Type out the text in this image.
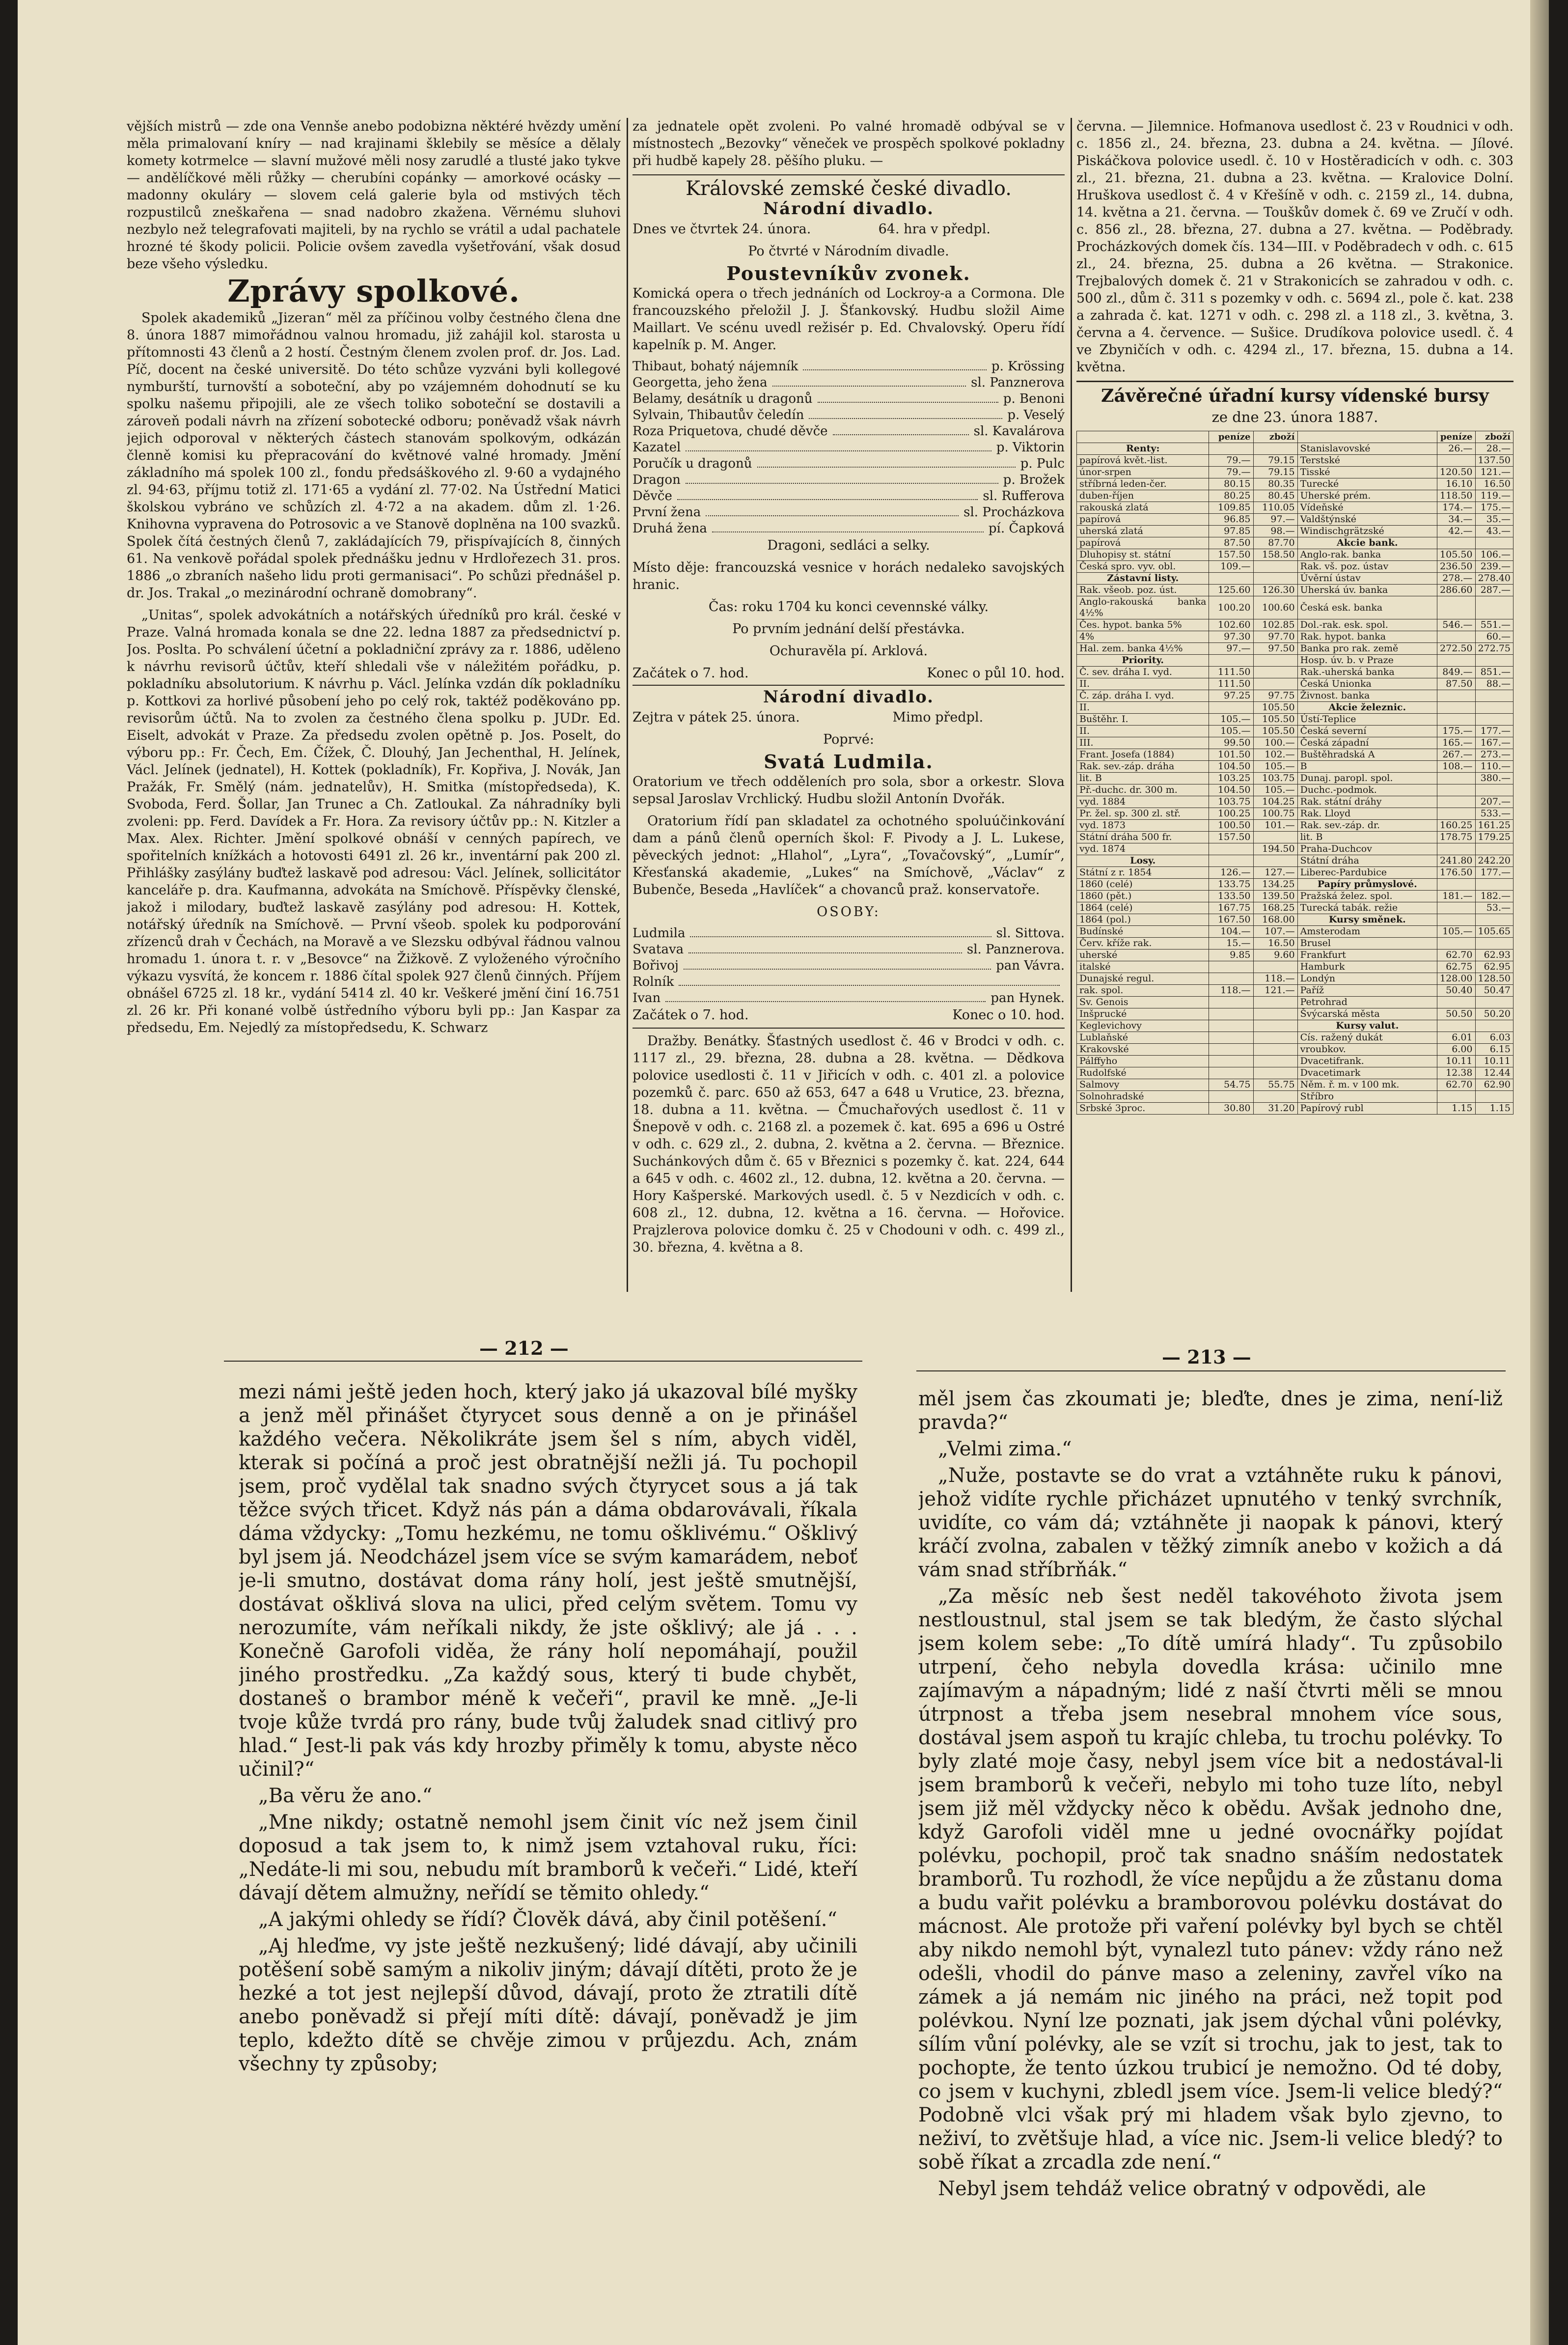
vějších mistrů — zde ona Vennše anebo podobizna něktéré hvězdy umění měla primalovaní kníry — nad krajinami šklebily se měsíce a dělaly komety kotrmelce — slavní mužové měli nosy zarudlé a tlusté jako tykve — andělíčkové měli růžky — cherubíni copánky — amorkové ocásky — madonny okuláry — slovem celá galerie byla od mstivých těch rozpustilců zneškařena — snad nadobro zkažena. Věrnému sluhovi nezbylo než telegrafovati majiteli, by na rychlo se vrátil a udal pachatele hrozné té škody policii. Policie ovšem zavedla vyšetřování, však dosud beze všeho výsledku.

Zprávy spolkové.

Spolek akademiků „Jizeran“ měl za příčinou volby čestného člena dne 8. února 1887 mimořádnou valnou hromadu, již zahájil kol. starosta u přítomnosti 43 členů a 2 hostí. Čestným členem zvolen prof. dr. Jos. Lad. Píč, docent na české universitě. Do této schůze vyzváni byli kollegové nymburští, turnovští a soboteční, aby po vzájemném dohodnutí se ku spolku našemu připojili, ale ze všech toliko soboteční se dostavili a zároveň podali návrh na zřízení sobotecké odboru; poněvadž však návrh jejich odporoval v některých částech stanovám spolkovým, odkázán členně komisi ku přepracování do květnové valné hromady. Jmění základního má spolek 100 zl., fondu předsáškového zl. 9·60 a vydajného zl. 94·63, příjmu totiž zl. 171·65 a vydání zl. 77·02. Na Ústřední Matici školskou vybráno ve schůzích zl. 4·72 a na akadem. dům zl. 1·26. Knihovna vypravena do Potrosovic a ve Stanově doplněna na 100 svazků. Spolek čítá čestných členů 7, zakládajících 79, přispívajících 8, činných 61. Na venkově pořádal spolek přednášku jednu v Hrdlořezech 31. pros. 1886 „o zbraních našeho lidu proti germanisaci“. Po schůzi přednášel p. dr. Jos. Trakal „o mezinárodní ochraně domobrany“.

„Unitas“, spolek advokátních a notářských úředníků pro král. české v Praze. Valná hromada konala se dne 22. ledna 1887 za předsednictví p. Jos. Posltа. Po schválení účetní a pokladniční zprávy za r. 1886, uděleno k návrhu revisorů účtův, kteří shledali vše v náležitém pořádku, p. pokladníku absolutorium. K návrhu p. Václ. Jelínka vzdán dík pokladníku p. Kottkovi za horlivé působení jeho po celý rok, taktéž poděkováno pp. revisorům účtů. Na to zvolen za čestného člena spolku p. JUDr. Ed. Eiselt, advokát v Praze. Za předsedu zvolen opětně p. Jos. Poselt, do výboru pp.: Fr. Čech, Em. Čížek, Č. Dlouhý, Jan Jechenthal, H. Jelínek, Václ. Jelínek (jednatel), H. Kottek (pokladník), Fr. Kopřiva, J. Novák, Jan Pražák, Fr. Smělý (nám. jednatelův), H. Smitka (místopředseda), K. Svoboda, Ferd. Šollar, Jan Trunec a Ch. Zatloukal. Za náhradníky byli zvoleni: pp. Ferd. Davídek a Fr. Hora. Za revisory účtův pp.: N. Kitzler a Max. Alex. Richter. Jmění spolkové obnáší v cenných papírech, ve spořitelních knížkách a hotovosti 6491 zl. 26 kr., inventární pak 200 zl. Přihlášky zasýlány buďtež laskavě pod adresou: Václ. Jelínek, sollicitátor kanceláře p. dra. Kaufmanna, advokáta na Smíchově. Příspěvky členské, jakož i milodary, buďtež laskavě zasýlány pod adresou: H. Kottek, notářský úředník na Smíchově. — První všeob. spolek ku podporování zřízenců drah v Čechách, na Moravě a ve Slezsku odbýval řádnou valnou hromadu 1. února t. r. v „Besovce“ na Žižkově. Z vyloženého výročního výkazu vysvítá, že koncem r. 1886 čítal spolek 927 členů činných. Příjem obnášel 6725 zl. 18 kr., vydání 5414 zl. 40 kr. Veškeré jmění činí 16.751 zl. 26 kr. Při konané volbě ústředního výboru byli pp.: Jan Kaspar za předsedu, Em. Nejedlý za místopředsedu, K. Schwarz

za jednatele opět zvoleni. Po valné hromadě odbýval se v místnostech „Bezovky“ věneček ve prospěch spolkové pokladny při hudbě kapely 28. pěšího pluku. —

Královské zemské české divadlo.
Národní divadlo.

Dnes ve čtvrtek 24. února.                64. hra v předpl.

Po čtvrté v Národním divadle.

Poustevníkův zvonek.

Komická opera o třech jednáních od Lockroy-a a Cormona. Dle francouzského přeložil J. J. Šťankovský. Hudbu složil Aime Maillart. Ve scénu uvedl režisér p. Ed. Chvalovský. Operu řídí kapelník p. M. Anger.

Thibaut, bohatý nájemník	p. Krössing
Georgetta, jeho žena	sl. Panznerova
Belamy, desátník u dragonů	p. Benoni
Sylvain, Thibautův čeledín	p. Veselý
Roza Priquetova, chudé děvče	sl. Kavalárova
Kazatel	p. Viktorin
Poručík u dragonů	p. Pulc
Dragon	p. Brožek
Děvče	sl. Rufferova
První žena	sl. Procházkova
Druhá žena	pí. Čapková

Dragoni, sedláci a selky.

Místo děje: francouzská vesnice v horách nedaleko savojských hranic.

Čas: roku 1704 ku konci cevennské války.

Po prvním jednání delší přestávka.

Ochuravěla pí. Arklová.

Začátek o 7. hod.	Konec o půl 10. hod.
Národní divadlo.

Zejtra v pátek 25. února.                      Mimo předpl.

Poprvé:

Svatá Ludmila.

Oratorium ve třech odděleních pro sola, sbor a orkestr. Slova sepsal Jaroslav Vrchlický. Hudbu složil Antonín Dvořák.

Oratorium řídí pan skladatel za ochotného spoluúčinkování dam a pánů členů operních škol: F. Pivody a J. L. Lukese, pěveckých jednot: „Hlahol“, „Lyra“, „Tovačovský“, „Lumír“, Křesťanská akademie, „Lukes“ na Smíchově, „Václav“ z Bubenče, Beseda „Havlíček“ a chovanců praž. konservatoře.

OSOBY:

Ludmila	sl. Sittova.
Svatava	sl. Panznerova.
Bořivoj	pan Vávra.
Rolník
Ivan	pan Hynek.
Začátek o 7. hod.	Konec o 10. hod.

Dražby. Benátky. Šťastných usedlost č. 46 v Brodci v odh. c. 1117 zl., 29. března, 28. dubna a 28. května. — Dědkova polovice usedlosti č. 11 v Jiřicích v odh. c. 401 zl. a polovice pozemků č. parc. 650 až 653, 647 a 648 u Vrutice, 23. března, 18. dubna a 11. května. — Čmuchařových usedlost č. 11 v Šnepově v odh. c. 2168 zl. a pozemek č. kat. 695 a 696 u Ostré v odh. c. 629 zl., 2. dubna, 2. května a 2. června. — Březnice. Suchánkových dům č. 65 v Březnici s pozemky č. kat. 224, 644 a 645 v odh. c. 4602 zl., 12. dubna, 12. května a 20. června. — Hory Kašperské. Markových usedl. č. 5 v Nezdicích v odh. c. 608 zl., 12. dubna, 12. května a 16. června. — Hořovice. Prajzlerova polovice domku č. 25 v Chodouni v odh. c. 499 zl., 30. března, 4. května a 8.

června. — Jilemnice. Hofmanova usedlost č. 23 v Roudnici v odh. c. 1856 zl., 24. března, 23. dubna a 24. května. — Jílové. Piskáčkova polovice usedl. č. 10 v Hostěradicích v odh. c. 303 zl., 21. března, 21. dubna a 23. května. — Kralovice Dolní. Hruškova usedlost č. 4 v Křešíně v odh. c. 2159 zl., 14. dubna, 14. května a 21. června. — Touškův domek č. 69 ve Zručí v odh. c. 856 zl., 28. března, 27. dubna a 27. května. — Poděbrady. Procházkových domek čís. 134—III. v Poděbradech v odh. c. 615 zl., 24. března, 25. dubna a 26 května. — Strakonice. Trejbalových domek č. 21 v Strakonicích se zahradou v odh. c. 500 zl., dům č. 311 s pozemky v odh. c. 5694 zl., pole č. kat. 238 a zahrada č. kat. 1271 v odh. c. 298 zl. a 118 zl., 3. května, 3. června a 4. července. — Sušice. Drudíkova polovice usedl. č. 4 ve Zbyničích v odh. c. 4294 zl., 17. března, 15. dubna a 14. května.

Závěrečné úřadní kursy vídenské bursy
ze dne 23. února 1887.
	peníze	zboží		peníze	zboží
Renty:			Stanislavovské	26.—	28.—
papírová květ.-list.	79.—	79.15	Terstské		137.50
únor-srpen	79.—	79.15	Tisské	120.50	121.—
stříbrná leden-čer.	80.15	80.35	Turecké	16.10	16.50
duben-říjen	80.25	80.45	Uherské prém.	118.50	119.—
rakouská zlatá	109.85	110.05	Vídeňské	174.—	175.—
papírová	96.85	97.—	Valdštýnské	34.—	35.—
uherská zlatá	97.85	98.—	Windischgrätzské	42.—	43.—
papírová	87.50	87.70	Akcie bank.		
Dluhopisy st. státní	157.50	158.50	Anglo-rak. banka	105.50	106.—
Česká spro. vyv. obl.	109.—		Rak. vš. poz. ústav	236.50	239.—
Zástavní listy.			Úvěrní ústav	278.—	278.40
Rak. všeob. poz. úst.	125.60	126.30	Uherská úv. banka	286.60	287.—
Anglo-rakouská banka 4½%	100.20	100.60	Česká esk. banka		
Čes. hypot. banka 5%	102.60	102.85	Dol.-rak. esk. spol.	546.—	551.—
4%	97.30	97.70	Rak. hypot. banka		60.—
Hal. zem. banka 4½%	97.—	97.50	Banka pro rak. země	272.50	272.75
Priority.			Hosp. úv. b. v Praze		
Č. sev. dráha I. vyd.	111.50		Rak.-uherská banka	849.—	851.—
II.	111.50		Česká Unionka	87.50	88.—
Č. záp. dráha I. vyd.	97.25	97.75	Živnost. banka		
II.		105.50	Akcie železnic.		
Buštěhr. I.	105.—	105.50	Ústí-Teplice		
II.	105.—	105.50	Česká severní	175.—	177.—
III.	99.50	100.—	Česká západní	165.—	167.—
Frant. Josefa (1884)	101.50	102.—	Buštěhradská A	267.—	273.—
Rak. sev.-záp. dráha	104.50	105.—	B	108.—	110.—
lit. B	103.25	103.75	Dunaj. paropl. spol.		380.—
Př.-duchc. dr. 300 m.	104.50	105.—	Duchc.-podmok.		
vyd. 1884	103.75	104.25	Rak. státní dráhy		207.—
Pr. žel. sp. 300 zl. stř.	100.25	100.75	Rak. Lloyd		533.—
vyd. 1873	100.50	101.—	Rak. sev.-záp. dr.	160.25	161.25
Státní dráha 500 fr.	157.50		lit. B	178.75	179.25
vyd. 1874		194.50	Praha-Duchcov		
Losy.			Státní dráha	241.80	242.20
Státní z r. 1854	126.—	127.—	Liberec-Pardubice	176.50	177.—
1860 (celé)	133.75	134.25	Papíry průmyslové.		
1860 (pět.)	133.50	139.50	Pražská želez. spol.	181.—	182.—
1864 (celé)	167.75	168.25	Turecká tabák. režie		53.—
1864 (pol.)	167.50	168.00	Kursy směnek.		
Budínské	104.—	107.—	Amsterodam	105.—	105.65
Červ. kříže rak.	15.—	16.50	Brusel		
uherské	9.85	9.60	Frankfurt	62.70	62.93
italské			Hamburk	62.75	62.95
Dunajské regul.		118.—	Londýn	128.00	128.50
rak. spol.	118.—	121.—	Paříž	50.40	50.47
Sv. Genois			Petrohrad		
Inšprucké			Švýcarská města	50.50	50.20
Keglevichovy			Kursy valut.		
Lublaňské			Cís. ražený dukát	6.01	6.03
Krakovské			vroubkov.	6.00	6.15
Pálffyho			Dvacetifrank.	10.11	10.11
Rudolfské			Dvacetimark	12.38	12.44
Salmovy	54.75	55.75	Něm. ř. m. v 100 mk.	62.70	62.90
Solnohradské			Stříbro		
Srbské 3proc.	30.80	31.20	Papírový rubl	1.15	1.15
— 212 —	— 213 —

mezi námi ještě jeden hoch, který jako já ukazoval bílé myšky a jenž měl přinášet čtyrycet sous denně a on je přinášel každého večera. Několikráte jsem šel s ním, abych viděl, kterak si počíná a proč jest obratnější nežli já. Tu pochopil jsem, proč vydělal tak snadno svých čtyrycet sous a já tak těžce svých třicet. Když nás pán a dáma obdarovávali, říkala dáma vždycky: „Tomu hezkému, ne tomu ošklivému.“ Ošklivý byl jsem já. Neodcházel jsem více se svým kamarádem, neboť je-li smutno, dostávat doma rány holí, jest ještě smutnější, dostávat ošklivá slova na ulici, před celým světem. Tomu vy nerozumíte, vám neříkali nikdy, že jste ošklivý; ale já . . . Konečně Garofoli viděa, že rány holí nepomáhají, použil jiného prostředku. „Za každý sous, který ti bude chybět, dostaneš o brambor méně k večeři“, pravil ke mně. „Je-li tvoje kůže tvrdá pro rány, bude tvůj žaludek snad citlivý pro hlad.“ Jest-li pak vás kdy hrozby přiměly k tomu, abyste něco učinil?“

„Ba věru že ano.“

„Mne nikdy; ostatně nemohl jsem činit víc než jsem činil doposud a tak jsem to, k nimž jsem vztahoval ruku, říci: „Nedáte-li mi sou, nebudu mít bramborů k večeři.“ Lidé, kteří dávají dětem almužny, neřídí se těmito ohledy.“

„A jakými ohledy se řídí? Člověk dává, aby činil potěšení.“

„Aj hleďme, vy jste ještě nezkušený; lidé dávají, aby učinili potěšení sobě samým a nikoliv jiným; dávají dítěti, proto že je hezké a tot jest nejlepší důvod, dávají, proto že ztratili dítě anebo poněvadž si přejí míti dítě: dávají, poněvadž je jim teplo, kdežto dítě se chvěje zimou v průjezdu. Ach, znám všechny ty způsoby;

měl jsem čas zkoumati je; bleďte, dnes je zima, není-liž pravda?“

„Velmi zima.“

„Nuže, postavte se do vrat a vztáhněte ruku k pánovi, jehož vidíte rychle přicházet upnutého v tenký svrchník, uvidíte, co vám dá; vztáhněte ji naopak k pánovi, který kráčí zvolna, zabalen v těžký zimník anebo v kožich a dá vám snad stříbrňák.“

„Za měsíc neb šest neděl takovéhoto života jsem nestloustnul, stal jsem se tak bledým, že často slýchal jsem kolem sebe: „To dítě umírá hlady“. Tu způsobilo utrpení, čeho nebyla dovedla krása: učinilo mne zajímavým a nápadným; lidé z naší čtvrti měli se mnou útrpnost a třeba jsem nesebral mnohem více sous, dostával jsem aspoň tu krajíc chleba, tu trochu polévky. To byly zlaté moje časy, nebyl jsem více bit a nedostával-li jsem bramborů k večeři, nebylo mi toho tuze líto, nebyl jsem již měl vždycky něco k obědu. Avšak jednoho dne, když Garofoli viděl mne u jedné ovocnářky pojídat polévku, pochopil, proč tak snadno snáším nedostatek bramborů. Tu rozhodl, že více nepůjdu a že zůstanu doma a budu vařit polévku a bramborovou polévku dostávat do mácnost. Ale protože při vaření polévky byl bych se chtěl aby nikdo nemohl být, vynalezl tuto pánev: vždy ráno než odešli, vhodil do pánve maso a zeleniny, zavřel víko na zámek a já nemám nic jiného na práci, než topit pod polévkou. Nyní lze poznati, jak jsem dýchal vůni polévky, sílím vůní polévky, ale se vzít si trochu, jak to jest, tak to pochopte, že tento úzkou trubicí je nemožno. Od té doby, co jsem v kuchyni, zbledl jsem více. Jsem-li velice bledý?“ Podobně vlci však prý mi hladem však bylo zjevno, to neživí, to zvětšuje hlad, a více nic. Jsem-li velice bledý? to sobě říkat a zrcadla zde není.“

Nebyl jsem tehdáž velice obratný v odpovědi, ale
